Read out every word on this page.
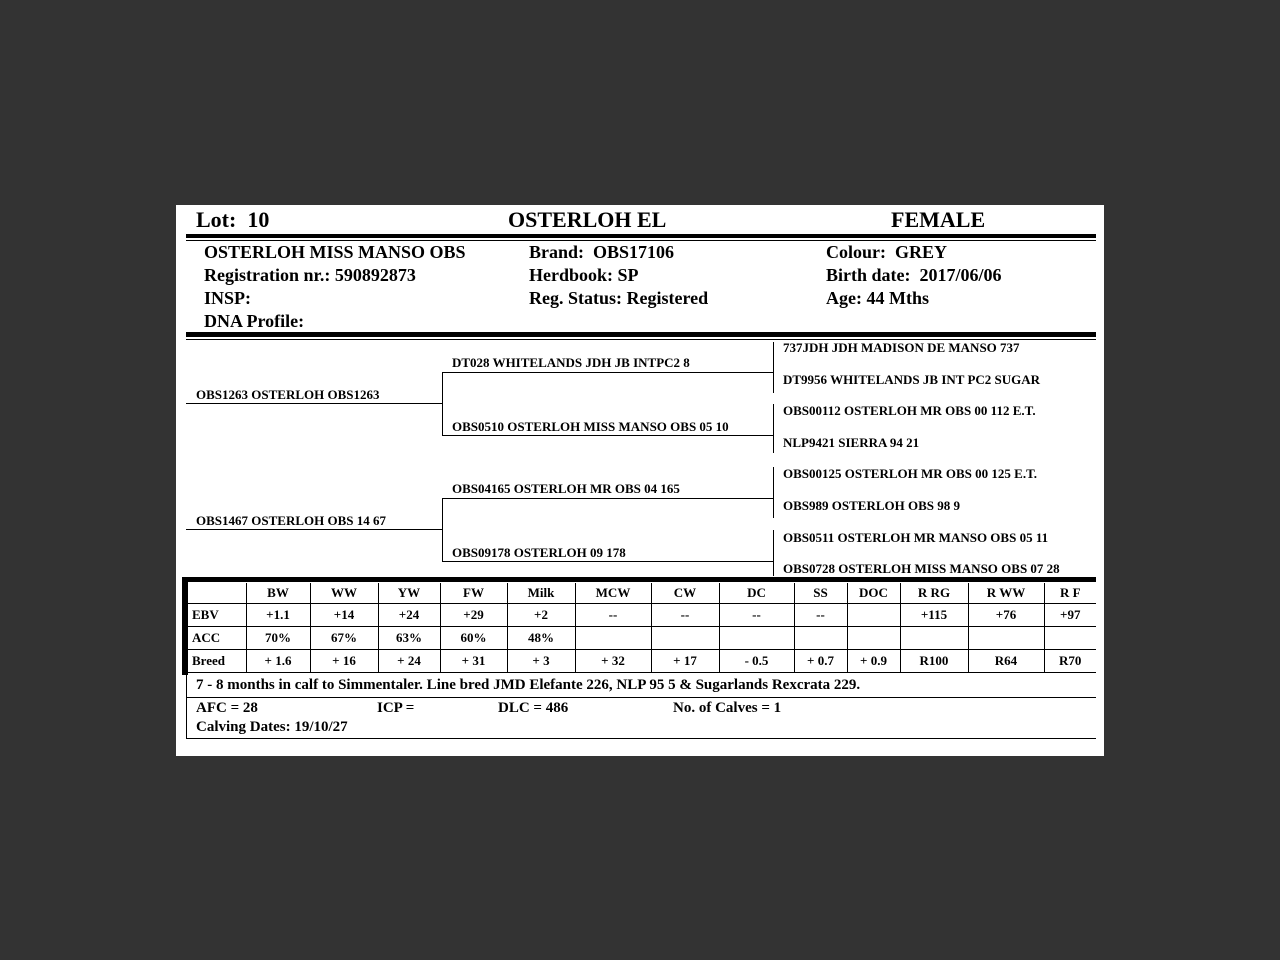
Lot: 10	OSTERLOH EL	FEMALE
OSTERLOH MISS MANSO OBS
Registration nr.: 590892873
INSP:
DNA Profile:
Brand: OBS17106
Herdbook: SP
Reg. Status: Registered
Colour: GREY
Birth date: 2017/06/06
Age: 44 Mths
OBS1263 OSTERLOH OBS1263
OBS1467 OSTERLOH OBS 14 67
DT028 WHITELANDS JDH JB INTPC2 8
OBS0510 OSTERLOH MISS MANSO OBS 05 10
OBS04165 OSTERLOH MR OBS 04 165
OBS09178 OSTERLOH 09 178
737JDH JDH MADISON DE MANSO 737
DT9956 WHITELANDS JB INT PC2 SUGAR
OBS00112 OSTERLOH MR OBS 00 112 E.T.
NLP9421 SIERRA 94 21
OBS00125 OSTERLOH MR OBS 00 125 E.T.
OBS989 OSTERLOH OBS 98 9
OBS0511 OSTERLOH MR MANSO OBS 05 11
OBS0728 OSTERLOH MISS MANSO OBS 07 28
	BW	WW	YW	FW	Milk	MCW	CW	DC	SS	DOC	R RG	R WW	R F
EBV	+1.1	+14	+24	+29	+2	--	--	--	--		+115	+76	+97
ACC	70%	67%	63%	60%	48%								
Breed	+ 1.6	+ 16	+ 24	+ 31	+ 3	+ 32	+ 17	- 0.5	+ 0.7	+ 0.9	R100	R64	R70
7 - 8 months in calf to Simmentaler. Line bred JMD Elefante 226, NLP 95 5 & Sugarlands Rexcrata 229.
AFC = 28	ICP =	DLC = 486	No. of Calves = 1
Calving Dates: 19/10/27
